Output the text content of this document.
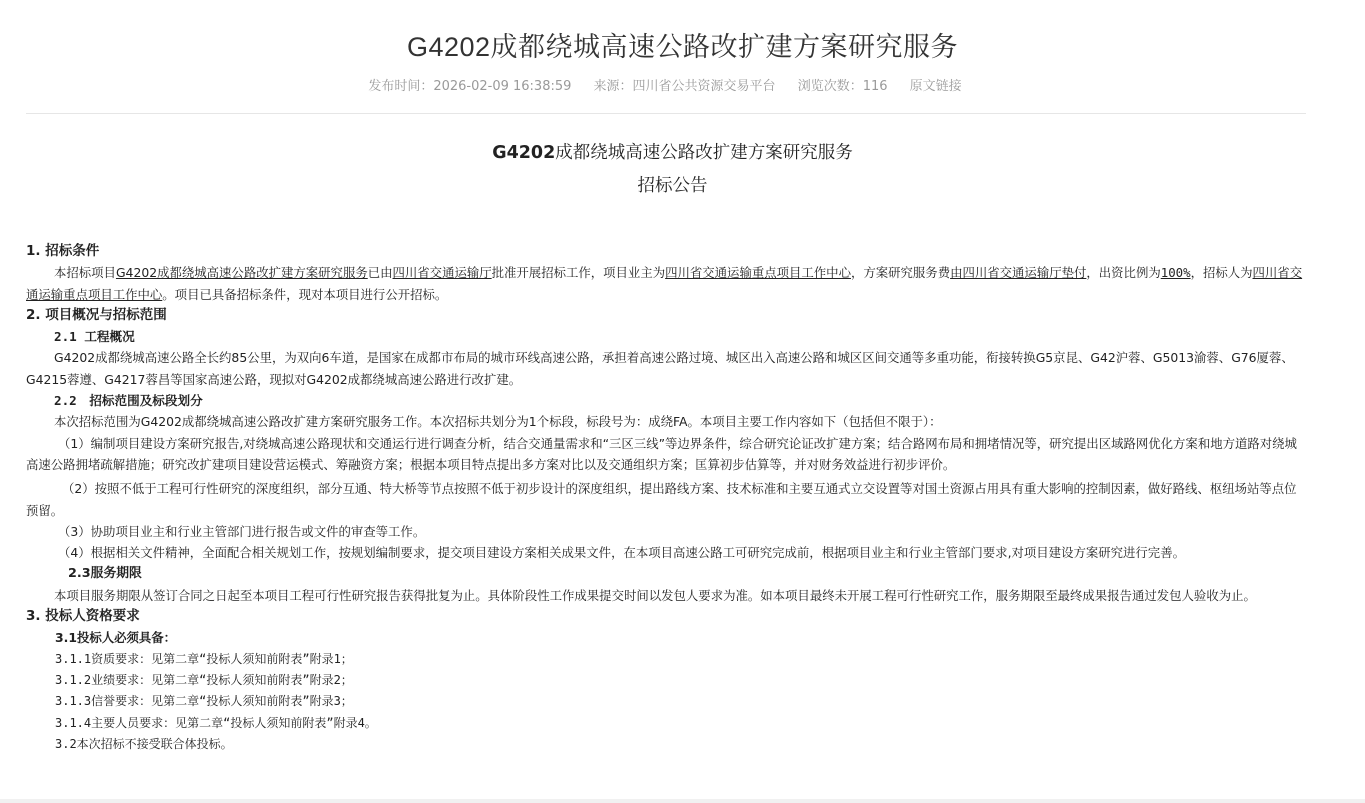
G4202成都绕城高速公路改扩建方案研究服务
发布时间：2026-02-09 16:38:59 来源：四川省公共资源交易平台 浏览次数：116 原文链接
G4202成都绕城高速公路改扩建方案研究服务
招标公告

1. 招标条件

本招标项目G4202成都绕城高速公路改扩建方案研究服务已由四川省交通运输厅批准开展招标工作，项目业主为四川省交通运输重点项目工作中心，方案研究服务费由四川省交通运输厅垫付，出资比例为100%，招标人为四川省交通运输重点项目工作中心。项目已具备招标条件，现对本项目进行公开招标。

2. 项目概况与招标范围

2.1 工程概况

G4202成都绕城高速公路全长约85公里，为双向6车道，是国家在成都市布局的城市环线高速公路，承担着高速公路过境、城区出入高速公路和城区区间交通等多重功能，衔接转换G5京昆、G42沪蓉、G5013渝蓉、G76厦蓉、G4215蓉遵、G4217蓉昌等国家高速公路，现拟对G4202成都绕城高速公路进行改扩建。

2.2　招标范围及标段划分

本次招标范围为G4202成都绕城高速公路改扩建方案研究服务工作。本次招标共划分为1个标段，标段号为：成绕FA。本项目主要工作内容如下（包括但不限于）：

（1）编制项目建设方案研究报告,对绕城高速公路现状和交通运行进行调查分析，结合交通量需求和“三区三线”等边界条件，综合研究论证改扩建方案；结合路网布局和拥堵情况等，研究提出区域路网优化方案和地方道路对绕城高速公路拥堵疏解措施；研究改扩建项目建设营运模式、筹融资方案；根据本项目特点提出多方案对比以及交通组织方案；匡算初步估算等，并对财务效益进行初步评价。

（2）按照不低于工程可行性研究的深度组织，部分互通、特大桥等节点按照不低于初步设计的深度组织，提出路线方案、技术标准和主要互通式立交设置等对国土资源占用具有重大影响的控制因素，做好路线、枢纽场站等点位预留。

（3）协助项目业主和行业主管部门进行报告或文件的审查等工作。

（4）根据相关文件精神，全面配合相关规划工作，按规划编制要求，提交项目建设方案相关成果文件，在本项目高速公路工可研究完成前，根据项目业主和行业主管部门要求,对项目建设方案研究进行完善。

2.3服务期限

本项目服务期限从签订合同之日起至本项目工程可行性研究报告获得批复为止。具体阶段性工作成果提交时间以发包人要求为准。如本项目最终未开展工程可行性研究工作，服务期限至最终成果报告通过发包人验收为止。

3. 投标人资格要求

3.1投标人必须具备：

3.1.1资质要求：见第二章“投标人须知前附表”附录1；

3.1.2业绩要求：见第二章“投标人须知前附表”附录2；

3.1.3信誉要求：见第二章“投标人须知前附表”附录3；

3.1.4主要人员要求：见第二章“投标人须知前附表”附录4。

3.2本次招标不接受联合体投标。
